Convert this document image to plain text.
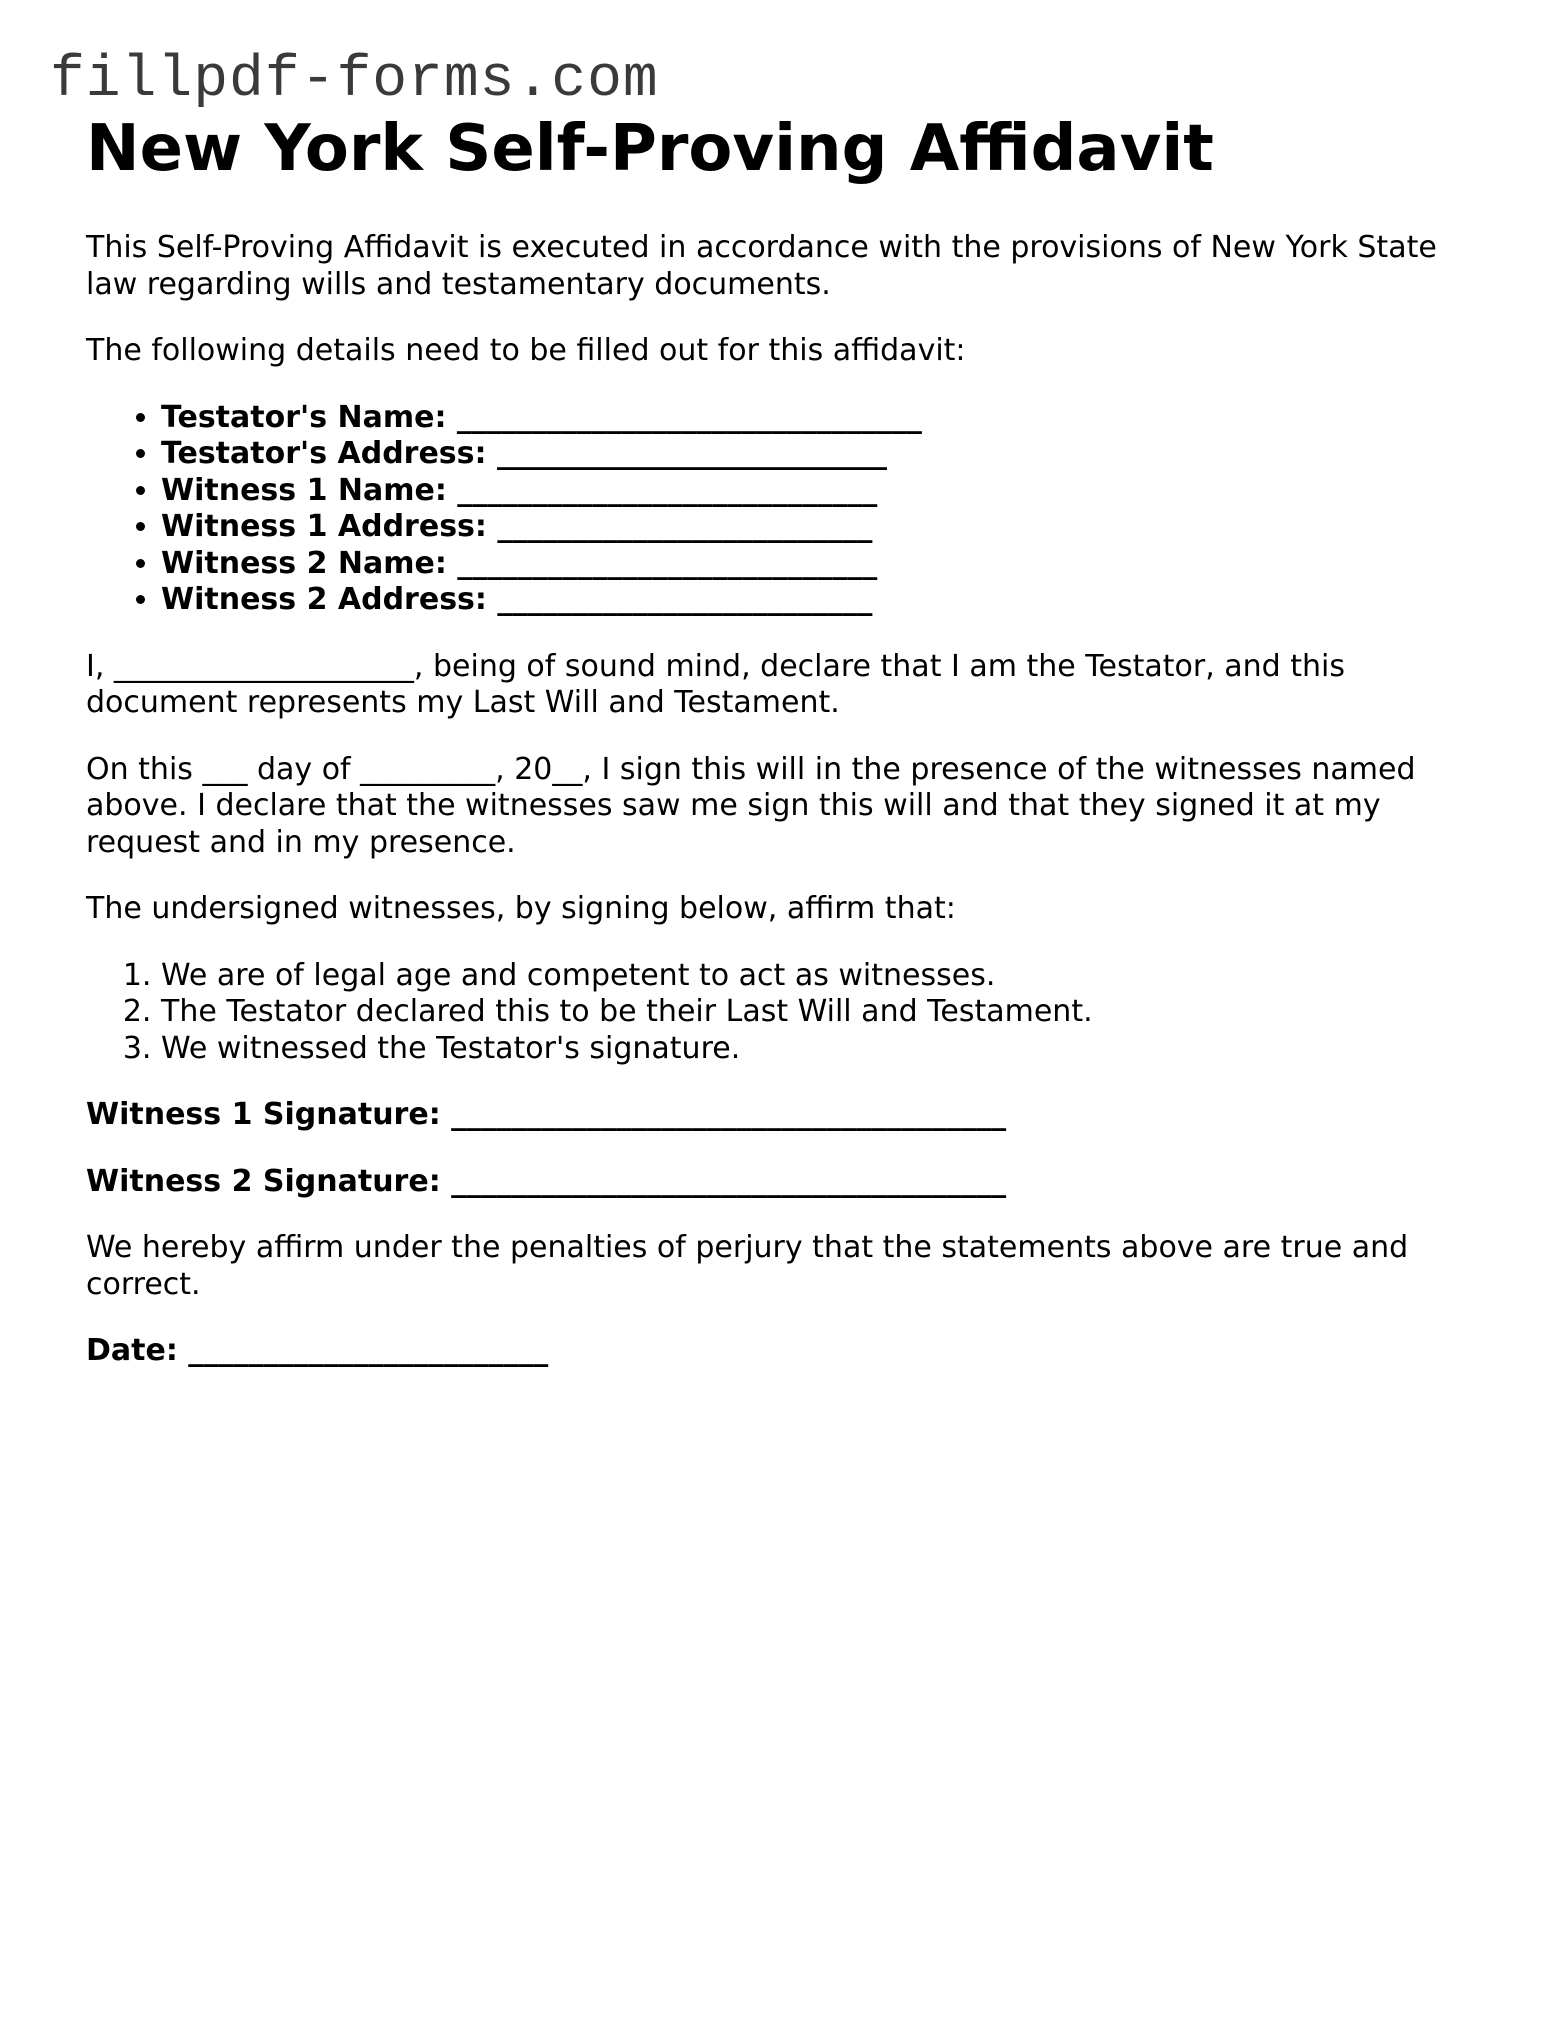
fillpdf-forms.com
New York Self-Proving Affidavit

This Self-Proving Affidavit is executed in accordance with the provisions of New York State law regarding wills and testamentary documents.

The following details need to be filled out for this affidavit:

• Testator's Name: _______________________________
• Testator's Address: __________________________
• Witness 1 Name: ____________________________
• Witness 1 Address: _________________________
• Witness 2 Name: ____________________________
• Witness 2 Address: _________________________

I, ____________________, being of sound mind, declare that I am the Testator, and this document represents my Last Will and Testament.

On this ___ day of _________, 20__, I sign this will in the presence of the witnesses named above. I declare that the witnesses saw me sign this will and that they signed it at my request and in my presence.

The undersigned witnesses, by signing below, affirm that:

1. We are of legal age and competent to act as witnesses.
2. The Testator declared this to be their Last Will and Testament.
3. We witnessed the Testator's signature.
Witness 1 Signature: _____________________________________
Witness 2 Signature: _____________________________________

We hereby affirm under the penalties of perjury that the statements above are true and correct.

Date: ________________________
